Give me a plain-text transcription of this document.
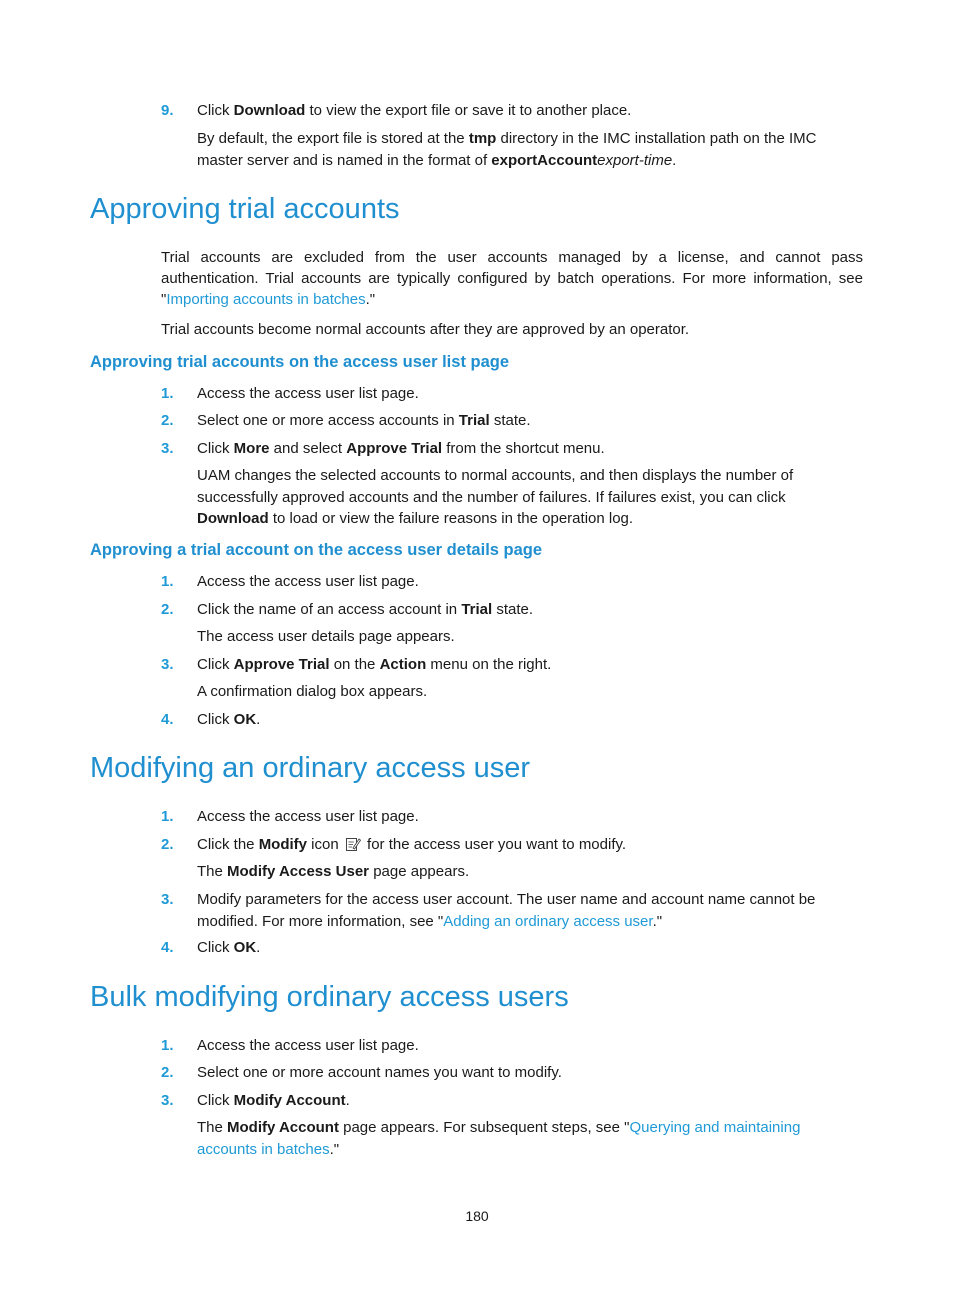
9. Click Download to view the export file or save it to another place.
By default, the export file is stored at the tmp directory in the IMC installation path on the IMC master server and is named in the format of exportAccountexport-time.
Approving trial accounts
Trial accounts are excluded from the user accounts managed by a license, and cannot pass authentication. Trial accounts are typically configured by batch operations. For more information, see "Importing accounts in batches."
Trial accounts become normal accounts after they are approved by an operator.
Approving trial accounts on the access user list page
1. Access the access user list page.
2. Select one or more access accounts in Trial state.
3. Click More and select Approve Trial from the shortcut menu.
UAM changes the selected accounts to normal accounts, and then displays the number of successfully approved accounts and the number of failures. If failures exist, you can click Download to load or view the failure reasons in the operation log.
Approving a trial account on the access user details page
1. Access the access user list page.
2. Click the name of an access account in Trial state.
The access user details page appears.
3. Click Approve Trial on the Action menu on the right.
A confirmation dialog box appears.
4. Click OK.
Modifying an ordinary access user
1. Access the access user list page.
2. Click the Modify icon  for the access user you want to modify.
The Modify Access User page appears.
3. Modify parameters for the access user account. The user name and account name cannot be modified. For more information, see "Adding an ordinary access user."
4. Click OK.
Bulk modifying ordinary access users
1. Access the access user list page.
2. Select one or more account names you want to modify.
3. Click Modify Account.
The Modify Account page appears. For subsequent steps, see "Querying and maintaining accounts in batches."
180
